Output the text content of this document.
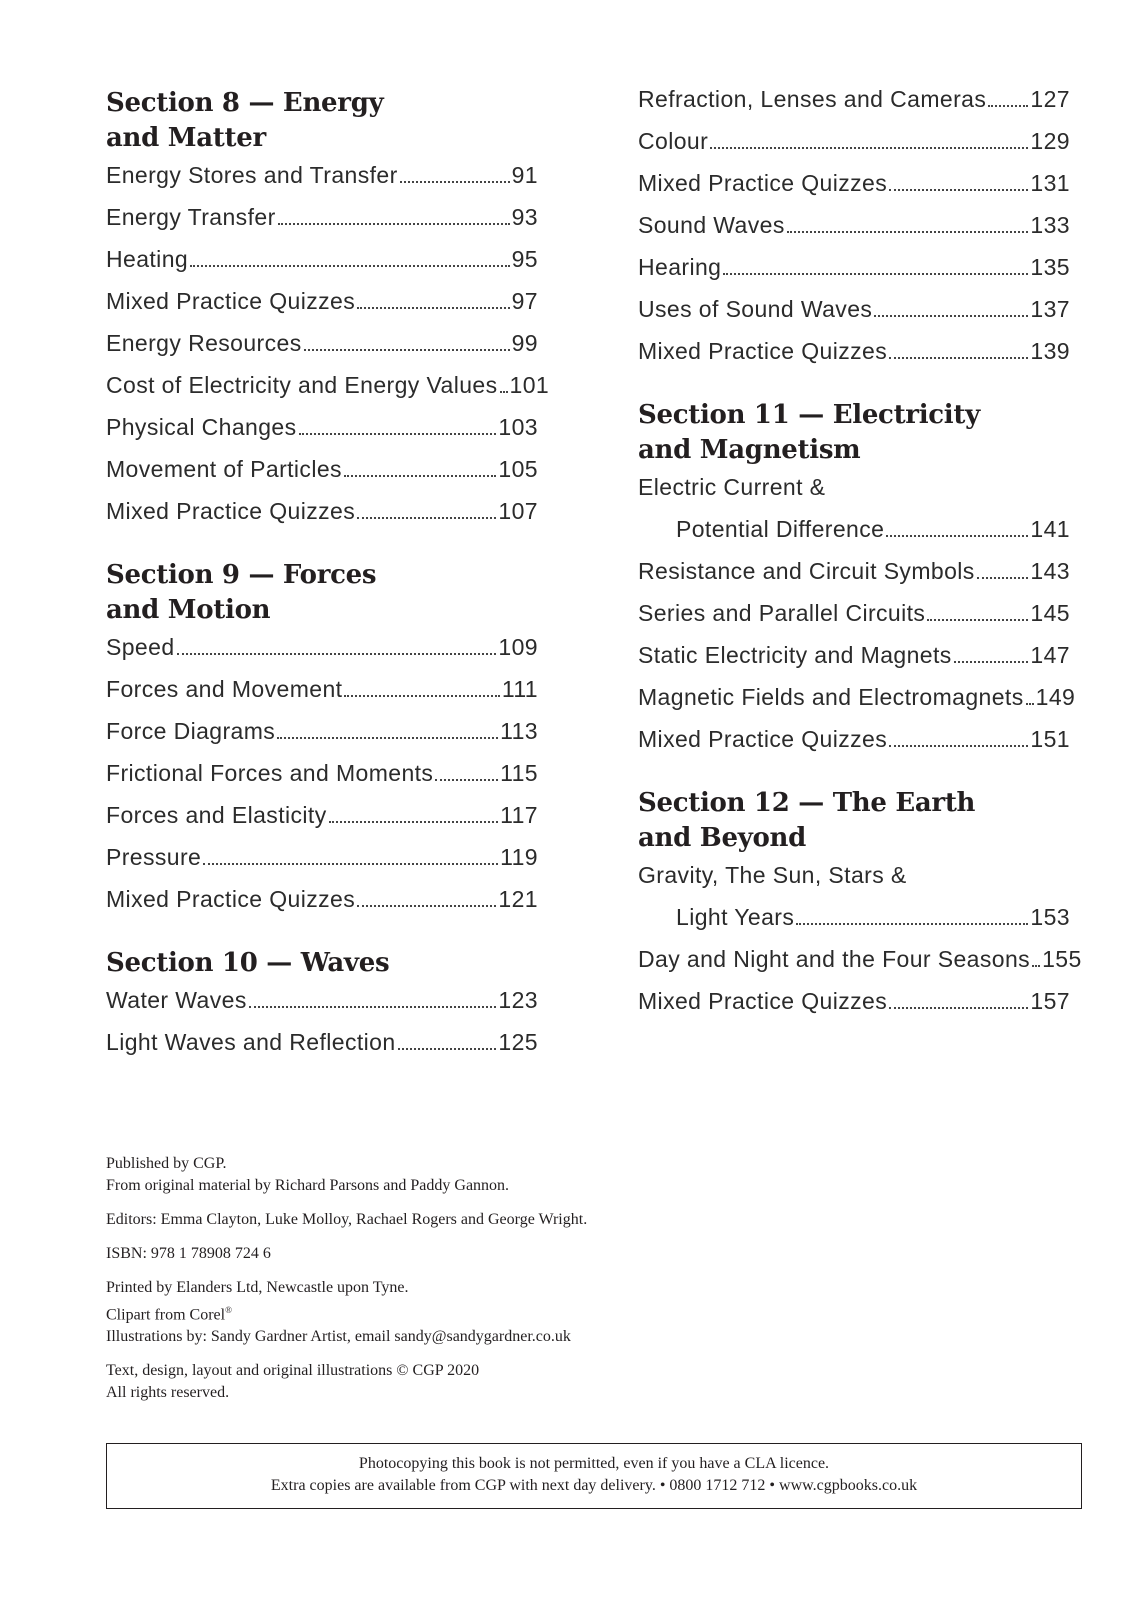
Section 8 — Energy
and Matter
Energy Stores and Transfer	91
Energy Transfer	93
Heating	95
Mixed Practice Quizzes	97
Energy Resources	99
Cost of Electricity and Energy Values 101
Physical Changes	103
Movement of Particles	105
Mixed Practice Quizzes	107
Section 9 — Forces
and Motion
Speed	109
Forces and Movement	111
Force Diagrams	113
Frictional Forces and Moments	115
Forces and Elasticity	117
Pressure	119
Mixed Practice Quizzes	121
Section 10 — Waves
Water Waves	123
Light Waves and Reflection	125
Refraction, Lenses and Cameras 127
Colour	129
Mixed Practice Quizzes	131
Sound Waves	133
Hearing	135
Uses of Sound Waves	137
Mixed Practice Quizzes	139
Section 11 — Electricity
and Magnetism
Electric Current &
Potential Difference	141
Resistance and Circuit Symbols 143
Series and Parallel Circuits	145
Static Electricity and Magnets	147
Magnetic Fields and Electromagnets 149
Mixed Practice Quizzes	151
Section 12 — The Earth
and Beyond
Gravity, The Sun, Stars &
Light Years	153
Day and Night and the Four Seasons 155
Mixed Practice Quizzes	157

Published by CGP.

From original material by Richard Parsons and Paddy Gannon.

Editors: Emma Clayton, Luke Molloy, Rachael Rogers and George Wright.

ISBN: 978 1 78908 724 6

Printed by Elanders Ltd, Newcastle upon Tyne.

Clipart from Corel®

Illustrations by: Sandy Gardner Artist, email sandy@sandygardner.co.uk

Text, design, layout and original illustrations © CGP 2020

All rights reserved.

Photocopying this book is not permitted, even if you have a CLA licence.

Extra copies are available from CGP with next day delivery. • 0800 1712 712 • www.cgpbooks.co.uk
